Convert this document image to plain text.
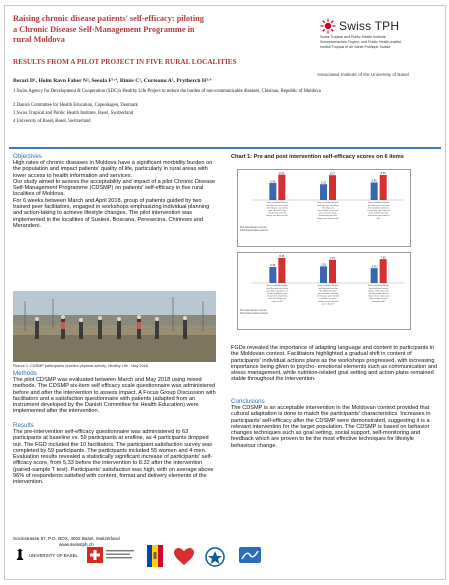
Raising chronic disease patients' self-efficacy: piloting
a Chronic Disease Self-Management Programme in
rural Moldova
RESULTS FROM A PILOT PROJECT IN FIVE RURAL LOCALITIES
Swiss TPH
Swiss Tropical and Public Health Institute
Schweizerisches Tropen- und Public Health-Institut
Institut Tropical et de Santé Publique Suisse
Associated Institute of the University of Basel
Berari D¹, Holm Ravn Faber N², Seeula F³·⁴, Rimis C¹, Curteanu A¹, Prytherch H³·⁴
1 Swiss Agency for Development & Cooperation (SDC)'s Healthy Life Project to reduce the burden of non-communicable diseases, Chisinau, Republic of Moldova
2 Danish Committee for Health Education, Copenhagen, Denmark
3 Swiss Tropical and Public Health Institute, Basel, Switzerland
4 University of Basel, Basel, Switzerland
Objectives

High rates of chronic diseases in Moldova have a significant morbidity burden on the population and impact patients' quality of life, particularly in rural areas with lower access to health information and services.

Our study aimed to assess the acceptability and impact of a pilot Chronic Disease Self-Management Programme (CDSMP) on patients' self-efficacy in five rural localities of Moldova.

For 6 weeks between March and April 2018, group of patients guided by two trained peer facilitators, engaged in workshops emphasizing individual planning and action-taking to achieve lifestyle changes. The pilot intervention was implemented in the localities of Susleni, Boscana, Peresecina, Chirinoes and Merandeni.

Picture 1: CDSMP participants practice physical activity, Healthy Life - May 2018
Methods

The pilot CDSMP was evaluated between March and May 2018 using mixed methods. The CDSMP six-item self efficacy scale questionnaire was administered before and after the intervention to assess impact. A Focus Group Discussion with facilitators and a satisfaction questionnaire with patients (adapted from an instrument developed by the Danish Committee for Health Education) were implemented after the intervention.

Results

The pre-intervention self-efficacy questionnaire was administered to 63 participants at baseline vs. 59 participants at endline, as 4 participants dropped out. The FGD included the 10 facilitators. The participant satisfaction survey was completed by 59 participants. The participants included 55 women and 4 men.

Evaluation results revealed a statistically significant increase of participants' self-efficacy score, from 5,33 before the intervention to 8.32 after the intervention (paired-sample T test). Participants' satisfaction was high, with on average above 96% of respondents satisfied with content, format and delivery elements of the intervention.

Chart 1: Pre and post intervention self-efficacy scores on 6 items
5.65
8.47
How confident do you feel that you can keep the fatigue caused by your disease from interfering with the things you want to do?
5.25
8.27
How confident do you feel that you can keep the physical discomfort or pain of your disease from interfering with the things you want to do?
5.85
8.36
How confident do you feel that you can keep the emotional distress caused by your disease from interfering with the things you want to do?
Pre-intervention scores
Post-intervention scores
5.35
8.35
How confident do you feel that you can keep any other symptoms or health problems you have from interfering with the things you want to do?
5.55
7.75
How confident do you feel that you can do the different tasks and activities needed to manage your health condition so as to reduce your need to see a doctor?
4.95
7.95
How confident do you feel that you can do things other than just taking medication to reduce how much your illness affects your everyday life?
Pre-intervention scores
Post-intervention scores

FGDs revealed the importance of adapting language and content to participants in the Moldovan context. Facilitators highlighted a gradual shift in content of participants' individual actions plans as the workshops progressed, with increasing importance being given to psycho- emotional elements such as communication and stress management, while nutrition-related goal setting and action plans remained stable throughout the intervention.

Conclusions

The CDSMP is an acceptable intervention in the Moldovan context provided that cultural adaptation is done to match the participants' characteristics. Increases in participants' self-efficacy after the CDSMP were demonstrated, suggesting it is a relevant intervention for the target population. The CDSMP is based on behavior changes techniques such as goal setting, social support, self-monitoring and feedback which are proven to be the most effective techniques for lifestyle behaviour change.

Socinstrasse 57, P.O. BOX, 4002 Basel, Switzerland
www.swisstph.ch
UNIVERSITY OF BASEL
